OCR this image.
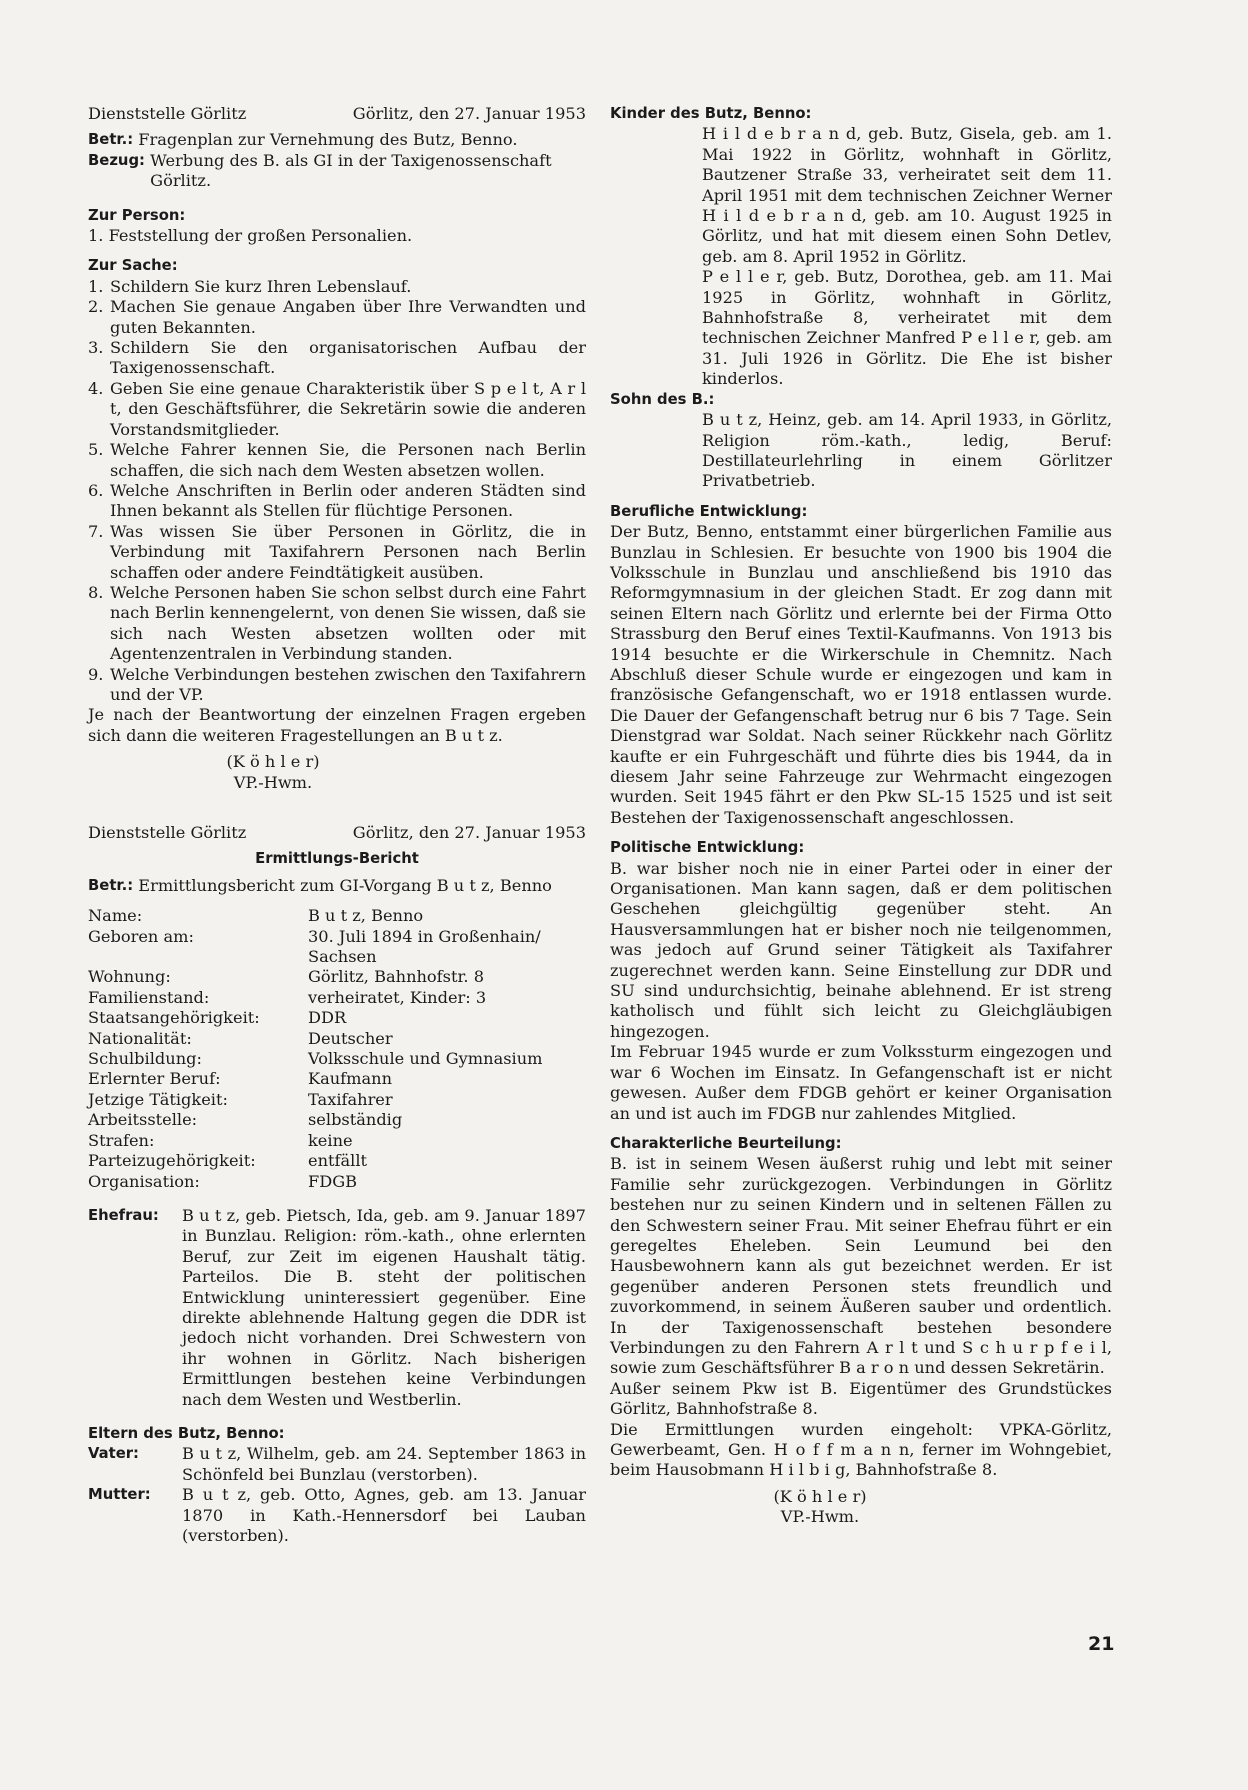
Dienststelle Görlitz	Görlitz, den 27. Januar 1953
Betr.:
Fragenplan zur Vernehmung des Butz, Benno.
Bezug:
Werbung des B. als GI in der Taxigenossenschaft Görlitz.
Zur Person:
1. Feststellung der großen Personalien.
Zur Sache:
1. Schildern Sie kurz Ihren Lebenslauf.
2. Machen Sie genaue Angaben über Ihre Verwandten und guten Bekannten.
3. Schildern Sie den organisatorischen Aufbau der Taxigenossenschaft.
4. Geben Sie eine genaue Charakteristik über S p e l t, A r l t, den Geschäftsführer, die Sekretärin sowie die anderen Vorstandsmitglieder.
5. Welche Fahrer kennen Sie, die Personen nach Berlin schaffen, die sich nach dem Westen absetzen wollen.
6. Welche Anschriften in Berlin oder anderen Städten sind Ihnen bekannt als Stellen für flüchtige Personen.
7. Was wissen Sie über Personen in Görlitz, die in Verbindung mit Taxifahrern Personen nach Berlin schaffen oder andere Feindtätigkeit ausüben.
8. Welche Personen haben Sie schon selbst durch eine Fahrt nach Berlin kennengelernt, von denen Sie wissen, daß sie sich nach Westen absetzen wollten oder mit Agentenzentralen in Verbindung standen.
9. Welche Verbindungen bestehen zwischen den Taxifahrern und der VP.
Je nach der Beantwortung der einzelnen Fragen ergeben sich dann die weiteren Fragestellungen an B u t z.
(K ö h l e r)
VP.-Hwm.
Dienststelle Görlitz	Görlitz, den 27. Januar 1953
Ermittlungs-Bericht
Betr.:
Ermittlungsbericht zum GI-Vorgang B u t z, Benno
Name:	B u t z, Benno
Geboren am:	30. Juli 1894 in Großenhain/ Sachsen
Wohnung:	Görlitz, Bahnhofstr. 8
Familienstand:	verheiratet, Kinder: 3
Staatsangehörigkeit:	DDR
Nationalität:	Deutscher
Schulbildung:	Volksschule und Gymnasium
Erlernter Beruf:	Kaufmann
Jetzige Tätigkeit:	Taxifahrer
Arbeitsstelle:	selbständig
Strafen:	keine
Parteizugehörigkeit:	entfällt
Organisation:	FDGB
Ehefrau:	B u t z, geb. Pietsch, Ida, geb. am 9. Januar 1897 in Bunzlau. Religion: röm.-kath., ohne erlernten Beruf, zur Zeit im eigenen Haushalt tätig. Parteilos. Die B. steht der politischen Entwicklung uninteressiert gegenüber. Eine direkte ablehnende Haltung gegen die DDR ist jedoch nicht vorhanden. Drei Schwestern von ihr wohnen in Görlitz. Nach bisherigen Ermittlungen bestehen keine Verbindungen nach dem Westen und Westberlin.
Eltern des Butz, Benno:
Vater:	B u t z, Wilhelm, geb. am 24. September 1863 in Schönfeld bei Bunzlau (verstorben).
Mutter:	B u t z, geb. Otto, Agnes, geb. am 13. Januar 1870 in Kath.-Hennersdorf bei Lauban (verstorben).
Kinder des Butz, Benno:
H i l d e b r a n d, geb. Butz, Gisela, geb. am 1. Mai 1922 in Görlitz, wohnhaft in Görlitz, Bautzener Straße 33, verheiratet seit dem 11. April 1951 mit dem technischen Zeichner Werner H i l d e b r a n d, geb. am 10. August 1925 in Görlitz, und hat mit diesem einen Sohn Detlev, geb. am 8. April 1952 in Görlitz.
P e l l e r, geb. Butz, Dorothea, geb. am 11. Mai 1925 in Görlitz, wohnhaft in Görlitz, Bahnhofstraße 8, verheiratet mit dem technischen Zeichner Manfred P e l l e r, geb. am 31. Juli 1926 in Görlitz. Die Ehe ist bisher kinderlos.
Sohn des B.:
B u t z, Heinz, geb. am 14. April 1933, in Görlitz, Religion röm.-kath., ledig, Beruf: Destillateurlehrling in einem Görlitzer Privatbetrieb.
Berufliche Entwicklung:
Der Butz, Benno, entstammt einer bürgerlichen Familie aus Bunzlau in Schlesien. Er besuchte von 1900 bis 1904 die Volksschule in Bunzlau und anschließend bis 1910 das Reformgymnasium in der gleichen Stadt. Er zog dann mit seinen Eltern nach Görlitz und erlernte bei der Firma Otto Strassburg den Beruf eines Textil-Kaufmanns. Von 1913 bis 1914 besuchte er die Wirkerschule in Chemnitz. Nach Abschluß dieser Schule wurde er eingezogen und kam in französische Gefangenschaft, wo er 1918 entlassen wurde. Die Dauer der Gefangenschaft betrug nur 6 bis 7 Tage. Sein Dienstgrad war Soldat. Nach seiner Rückkehr nach Görlitz kaufte er ein Fuhrgeschäft und führte dies bis 1944, da in diesem Jahr seine Fahrzeuge zur Wehrmacht eingezogen wurden. Seit 1945 fährt er den Pkw SL-15 1525 und ist seit Bestehen der Taxigenossenschaft angeschlossen.
Politische Entwicklung:
B. war bisher noch nie in einer Partei oder in einer der Organisationen. Man kann sagen, daß er dem politischen Geschehen gleichgültig gegenüber steht. An Hausversammlungen hat er bisher noch nie teilgenommen, was jedoch auf Grund seiner Tätigkeit als Taxifahrer zugerechnet werden kann. Seine Einstellung zur DDR und SU sind undurchsichtig, beinahe ablehnend. Er ist streng katholisch und fühlt sich leicht zu Gleichgläubigen hingezogen.
Im Februar 1945 wurde er zum Volkssturm eingezogen und war 6 Wochen im Einsatz. In Gefangenschaft ist er nicht gewesen. Außer dem FDGB gehört er keiner Organisation an und ist auch im FDGB nur zahlendes Mitglied.
Charakterliche Beurteilung:
B. ist in seinem Wesen äußerst ruhig und lebt mit seiner Familie sehr zurückgezogen. Verbindungen in Görlitz bestehen nur zu seinen Kindern und in seltenen Fällen zu den Schwestern seiner Frau. Mit seiner Ehefrau führt er ein geregeltes Eheleben. Sein Leumund bei den Hausbewohnern kann als gut bezeichnet werden. Er ist gegenüber anderen Personen stets freundlich und zuvorkommend, in seinem Äußeren sauber und ordentlich. In der Taxigenossenschaft bestehen besondere Verbindungen zu den Fahrern A r l t und S c h u r p f e i l, sowie zum Geschäftsführer B a r o n und dessen Sekretärin.
Außer seinem Pkw ist B. Eigentümer des Grundstückes Görlitz, Bahnhofstraße 8.
Die Ermittlungen wurden eingeholt: VPKA-Görlitz, Gewerbeamt, Gen. H o f f m a n n, ferner im Wohngebiet, beim Hausobmann H i l b i g, Bahnhofstraße 8.
(K ö h l e r)
VP.-Hwm.
21
